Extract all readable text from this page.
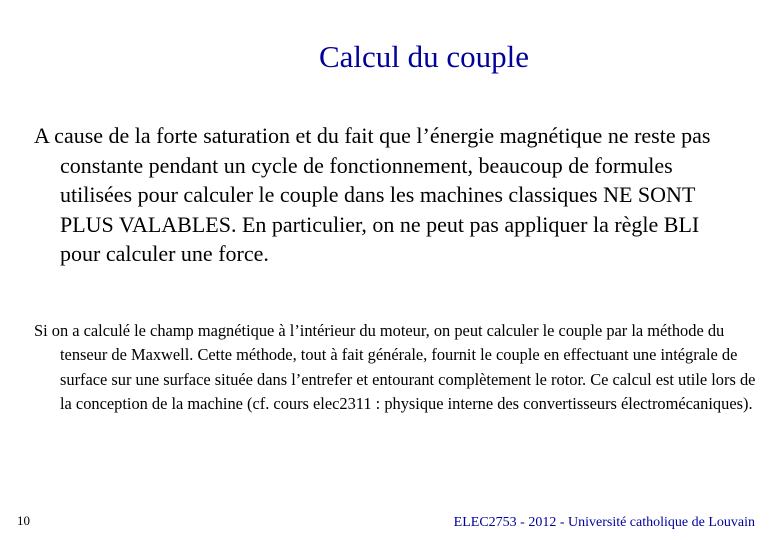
Calcul du couple

A cause de la forte saturation et du fait que l’énergie magnétique ne reste pas constante pendant un cycle de fonctionnement, beaucoup de formules utilisées pour calculer le couple dans les machines classiques NE SONT PLUS VALABLES. En particulier, on ne peut pas appliquer la règle BLI pour calculer une force.

Si on a calculé le champ magnétique à l’intérieur du moteur, on peut calculer le couple par la méthode du tenseur de Maxwell. Cette méthode, tout à fait générale, fournit le couple en effectuant une intégrale de surface sur une surface située dans l’entrefer et entourant complètement le rotor. Ce calcul est utile lors de la conception de la machine (cf. cours elec2311 : physique interne des convertisseurs électromécaniques).

10	ELEC2753 - 2012 - Université catholique de Louvain
